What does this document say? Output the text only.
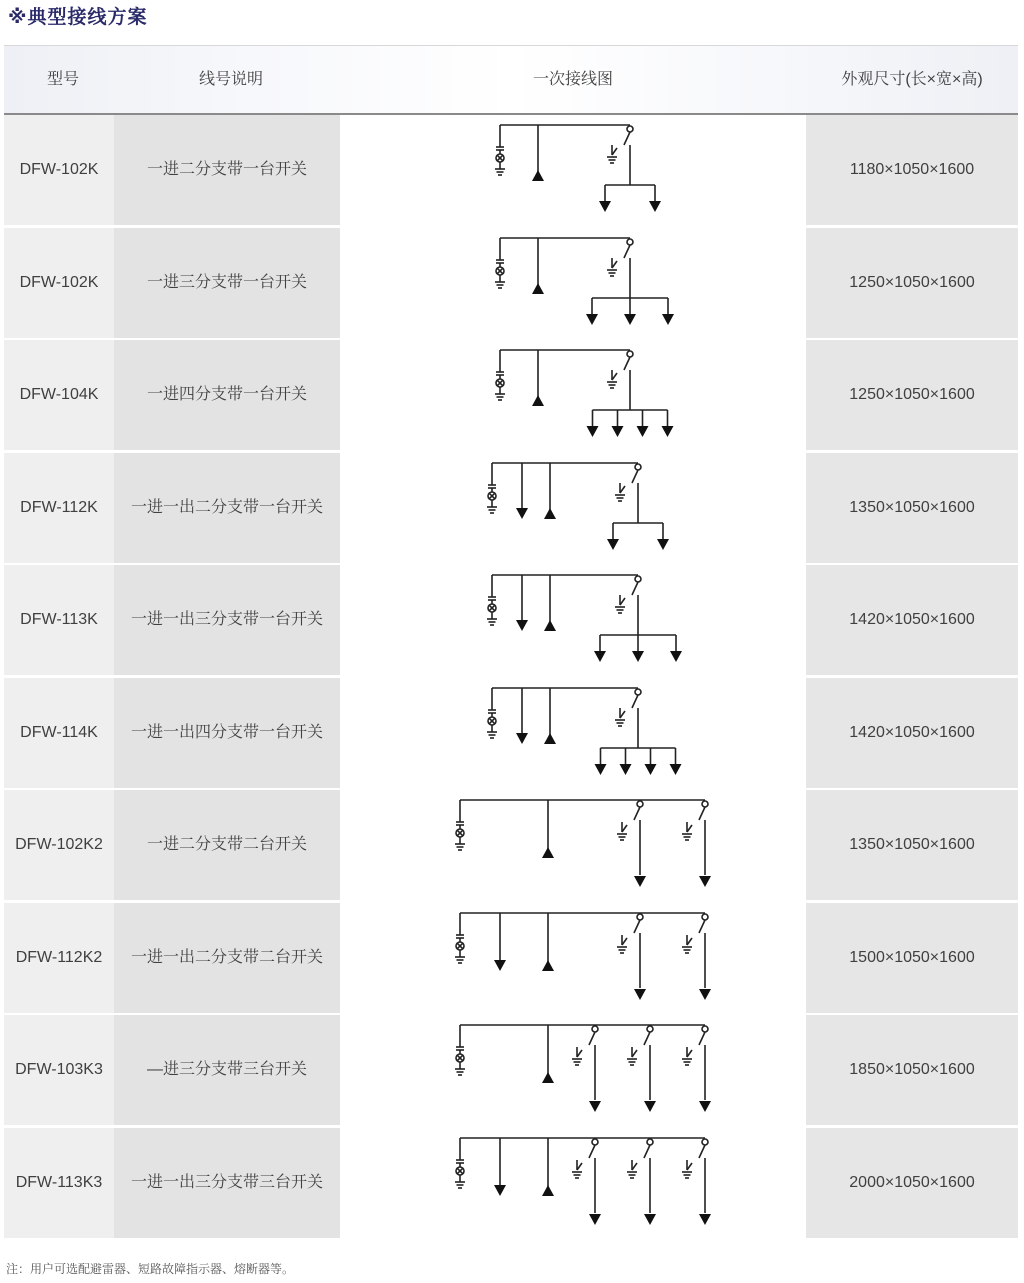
※典型接线方案
型号	线号说明	一次接线图	外观尺寸(长×宽×高)
DFW-102K	一进二分支带一台开关	1180×1050×1600
DFW-102K	一进三分支带一台开关	1250×1050×1600
DFW-104K	一进四分支带一台开关	1250×1050×1600
DFW-112K	一进一出二分支带一台开关	1350×1050×1600
DFW-113K	一进一出三分支带一台开关	1420×1050×1600
DFW-114K	一进一出四分支带一台开关	1420×1050×1600
DFW-102K2	一进二分支带二台开关	1350×1050×1600
DFW-112K2	一进一出二分支带二台开关	1500×1050×1600
DFW-103K3	—进三分支带三台开关	1850×1050×1600
DFW-113K3	一进一出三分支带三台开关	2000×1050×1600
注：用户可选配避雷器、短路故障指示器、熔断器等。
